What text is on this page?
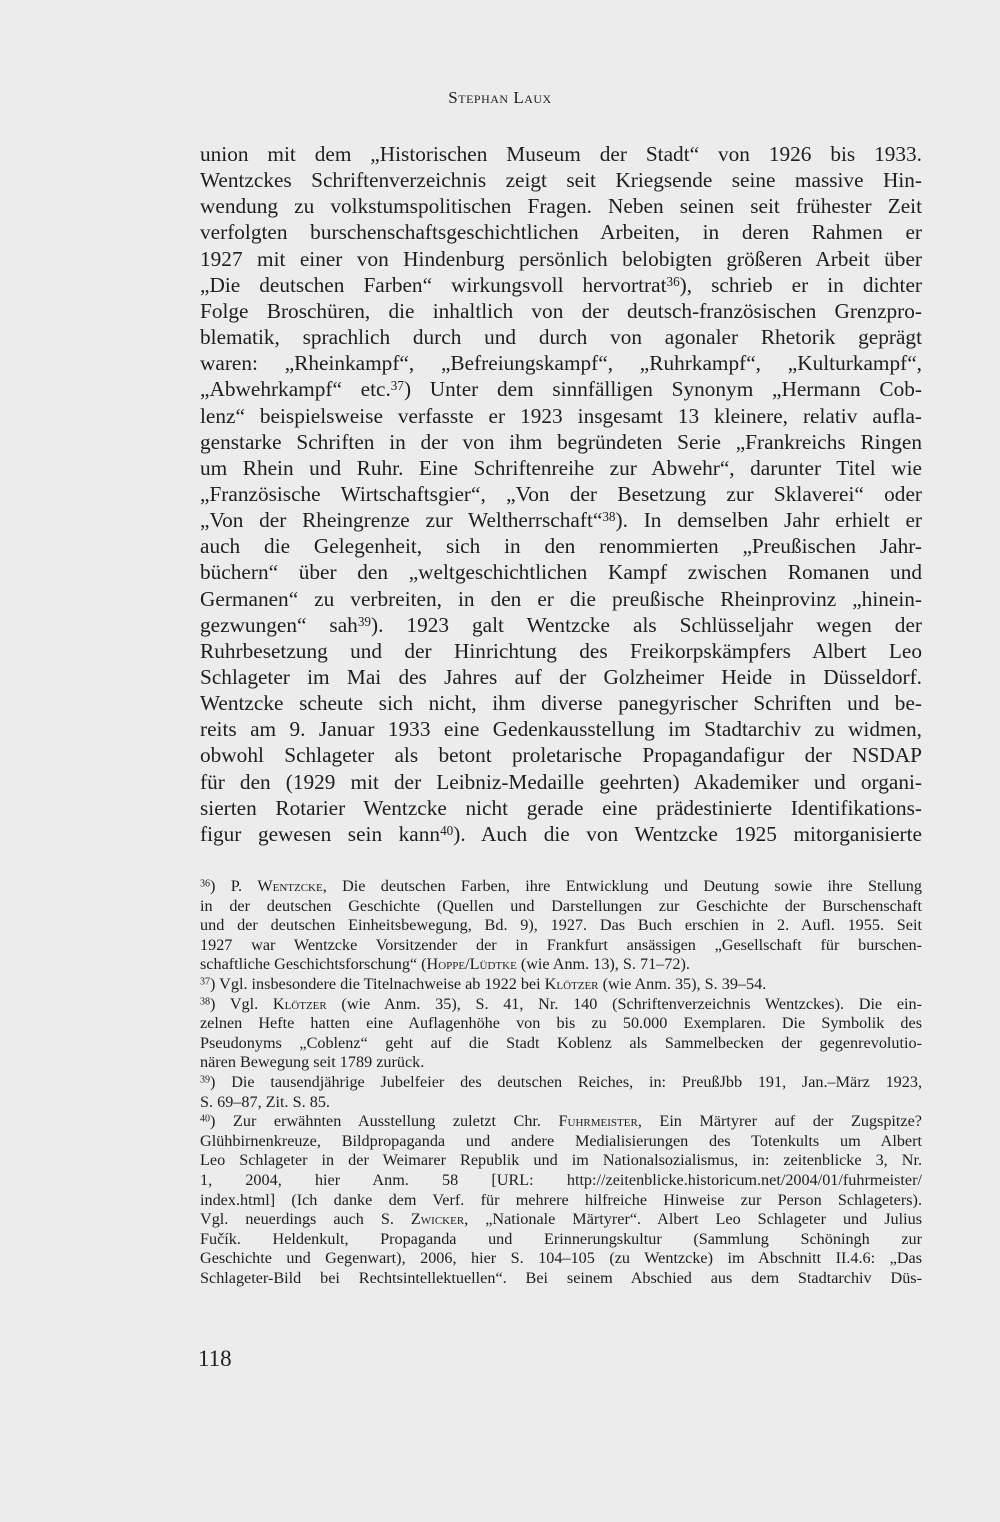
Stephan Laux
union mit dem „Historischen Museum der Stadt“ von 1926 bis 1933.
Wentzckes Schriftenverzeichnis zeigt seit Kriegsende seine massive Hin-
wendung zu volkstumspolitischen Fragen. Neben seinen seit frühester Zeit
verfolgten burschenschaftsgeschichtlichen Arbeiten, in deren Rahmen er
1927 mit einer von Hindenburg persönlich belobigten größeren Arbeit über
„Die deutschen Farben“ wirkungsvoll hervortrat$^{36}$), schrieb er in dichter
Folge Broschüren, die inhaltlich von der deutsch-französischen Grenzpro-
blematik, sprachlich durch und durch von agonaler Rhetorik geprägt
waren: „Rheinkampf“, „Befreiungskampf“, „Ruhrkampf“, „Kulturkampf“,
„Abwehrkampf“ etc.$^{37}$) Unter dem sinnfälligen Synonym „Hermann Cob-
lenz“ beispielsweise verfasste er 1923 insgesamt 13 kleinere, relativ aufla-
genstarke Schriften in der von ihm begründeten Serie „Frankreichs Ringen
um Rhein und Ruhr. Eine Schriftenreihe zur Abwehr“, darunter Titel wie
„Französische Wirtschaftsgier“, „Von der Besetzung zur Sklaverei“ oder
„Von der Rheingrenze zur Weltherrschaft“$^{38}$). In demselben Jahr erhielt er
auch die Gelegenheit, sich in den renommierten „Preußischen Jahr-
büchern“ über den „weltgeschichtlichen Kampf zwischen Romanen und
Germanen“ zu verbreiten, in den er die preußische Rheinprovinz „hinein-
gezwungen“ sah$^{39}$). 1923 galt Wentzcke als Schlüsseljahr wegen der
Ruhrbesetzung und der Hinrichtung des Freikorpskämpfers Albert Leo
Schlageter im Mai des Jahres auf der Golzheimer Heide in Düsseldorf.
Wentzcke scheute sich nicht, ihm diverse panegyrischer Schriften und be-
reits am 9. Januar 1933 eine Gedenkausstellung im Stadtarchiv zu widmen,
obwohl Schlageter als betont proletarische Propagandafigur der NSDAP
für den (1929 mit der Leibniz-Medaille geehrten) Akademiker und organi-
sierten Rotarier Wentzcke nicht gerade eine prädestinierte Identifikations-
figur gewesen sein kann$^{40}$). Auch die von Wentzcke 1925 mitorganisierte
$^{36}$) P. Wentzcke, Die deutschen Farben, ihre Entwicklung und Deutung sowie ihre Stellung
in der deutschen Geschichte (Quellen und Darstellungen zur Geschichte der Burschenschaft
und der deutschen Einheitsbewegung, Bd. 9), 1927. Das Buch erschien in 2. Aufl. 1955. Seit
1927 war Wentzcke Vorsitzender der in Frankfurt ansässigen „Gesellschaft für burschen-
schaftliche Geschichtsforschung“ (Hoppe/Lüdtke (wie Anm. 13), S. 71–72).
$^{37}$) Vgl. insbesondere die Titelnachweise ab 1922 bei Klötzer (wie Anm. 35), S. 39–54.
$^{38}$) Vgl. Klötzer (wie Anm. 35), S. 41, Nr. 140 (Schriftenverzeichnis Wentzckes). Die ein-
zelnen Hefte hatten eine Auflagenhöhe von bis zu 50.000 Exemplaren. Die Symbolik des
Pseudonyms „Coblenz“ geht auf die Stadt Koblenz als Sammelbecken der gegenrevolutio-
nären Bewegung seit 1789 zurück.
$^{39}$) Die tausendjährige Jubelfeier des deutschen Reiches, in: PreußJbb 191, Jan.–März 1923,
S. 69–87, Zit. S. 85.
$^{40}$) Zur erwähnten Ausstellung zuletzt Chr. Fuhrmeister, Ein Märtyrer auf der Zugspitze?
Glühbirnenkreuze, Bildpropaganda und andere Medialisierungen des Totenkults um Albert
Leo Schlageter in der Weimarer Republik und im Nationalsozialismus, in: zeitenblicke 3, Nr.
1, 2004, hier Anm. 58 [URL: http://zeitenblicke.historicum.net/2004/01/fuhrmeister/
index.html] (Ich danke dem Verf. für mehrere hilfreiche Hinweise zur Person Schlageters).
Vgl. neuerdings auch S. Zwicker, „Nationale Märtyrer“. Albert Leo Schlageter und Julius
Fučík. Heldenkult, Propaganda und Erinnerungskultur (Sammlung Schöningh zur
Geschichte und Gegenwart), 2006, hier S. 104–105 (zu Wentzcke) im Abschnitt II.4.6: „Das
Schlageter-Bild bei Rechtsintellektuellen“. Bei seinem Abschied aus dem Stadtarchiv Düs-
118
